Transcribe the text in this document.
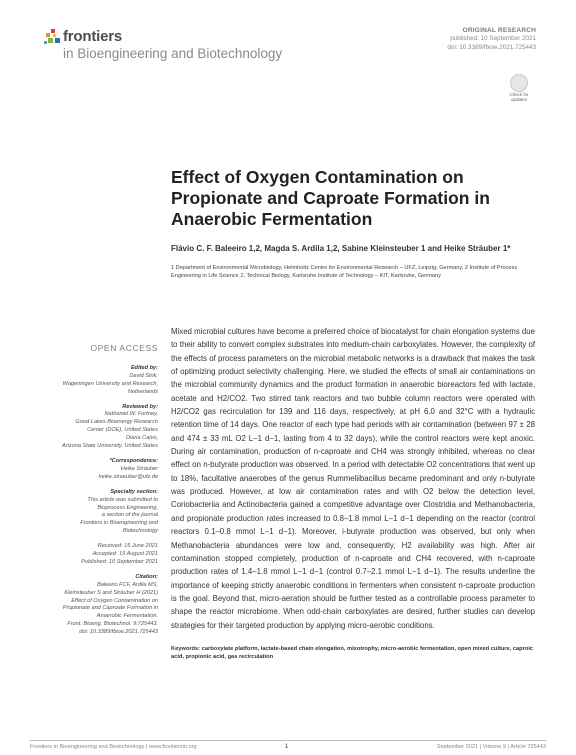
frontiers
in Bioengineering and Biotechnology
ORIGINAL RESEARCH
published: 10 September 2021
doi: 10.3389/fbioe.2021.725443
Check for updates
Effect of Oxygen Contamination on Propionate and Caproate Formation in Anaerobic Fermentation
Flávio C. F. Baleeiro 1,2, Magda S. Ardila 1,2, Sabine Kleinsteuber 1 and Heike Sträuber 1*
1 Department of Environmental Microbiology, Helmholtz Centre for Environmental Research – UFZ, Leipzig, Germany, 2 Institute of Process Engineering in Life Science 2, Technical Biology, Karlsruhe Institute of Technology – KIT, Karlsruhe, Germany
Mixed microbial cultures have become a preferred choice of biocatalyst for chain elongation systems due to their ability to convert complex substrates into medium-chain carboxylates. However, the complexity of the effects of process parameters on the microbial metabolic networks is a drawback that makes the task of optimizing product selectivity challenging. Here, we studied the effects of small air contaminations on the microbial community dynamics and the product formation in anaerobic bioreactors fed with lactate, acetate and H2/CO2. Two stirred tank reactors and two bubble column reactors were operated with H2/CO2 gas recirculation for 139 and 116 days, respectively, at pH 6.0 and 32°C with a hydraulic retention time of 14 days. One reactor of each type had periods with air contamination (between 97 ± 28 and 474 ± 33 mL O2 L−1 d−1, lasting from 4 to 32 days), while the control reactors were kept anoxic. During air contamination, production of n-caproate and CH4 was strongly inhibited, whereas no clear effect on n-butyrate production was observed. In a period with detectable O2 concentrations that went up to 18%, facultative anaerobes of the genus Rummeliibacillus became predominant and only n-butyrate was produced. However, at low air contamination rates and with O2 below the detection level, Coriobacteriia and Actinobacteria gained a competitive advantage over Clostridia and Methanobacteria, and propionate production rates increased to 0.8–1.8 mmol L−1 d−1 depending on the reactor (control reactors 0.1–0.8 mmol L−1 d−1). Moreover, i-butyrate production was observed, but only when Methanobacteria abundances were low and, consequently, H2 availability was high. After air contamination stopped completely, production of n-caproate and CH4 recovered, with n-caproate production rates of 1.4–1.8 mmol L−1 d−1 (control 0.7–2.1 mmol L−1 d−1). The results underline the importance of keeping strictly anaerobic conditions in fermenters when consistent n-caproate production is the goal. Beyond that, micro-aeration should be further tested as a controllable process parameter to shape the reactor microbiome. When odd-chain carboxylates are desired, further studies can develop strategies for their targeted production by applying micro-aerobic conditions.
Keywords: carboxylate platform, lactate-based chain elongation, mixotrophy, micro-aerobic fermentation, open mixed culture, caproic acid, propionic acid, gas recirculation
OPEN ACCESS
Edited by:
David Strik,
Wageningen University and Research,
Netherlands
Reviewed by:
Nathaniel W. Fortney,
Great Lakes Bioenergy Research
Center (DOE), United States
Diana Calvo,
Arizona State University, United States
*Correspondence:
Heike Sträuber
heike.straeuber@ufz.de
Specialty section:
This article was submitted to
Bioprocess Engineering,
a section of the journal
Frontiers in Bioengineering and
Biotechnology
Received: 15 June 2021
Accepted: 19 August 2021
Published: 10 September 2021
Citation:
Baleeiro FCF, Ardila MS,
Kleinsteuber S and Sträuber H (2021)
Effect of Oxygen Contamination on
Propionate and Caproate Formation in
Anaerobic Fermentation.
Front. Bioeng. Biotechnol. 9:725443.
doi: 10.3389/fbioe.2021.725443
Frontiers in Bioengineering and Biotechnology | www.frontiersin.org	1	September 2021 | Volume 9 | Article 725443
